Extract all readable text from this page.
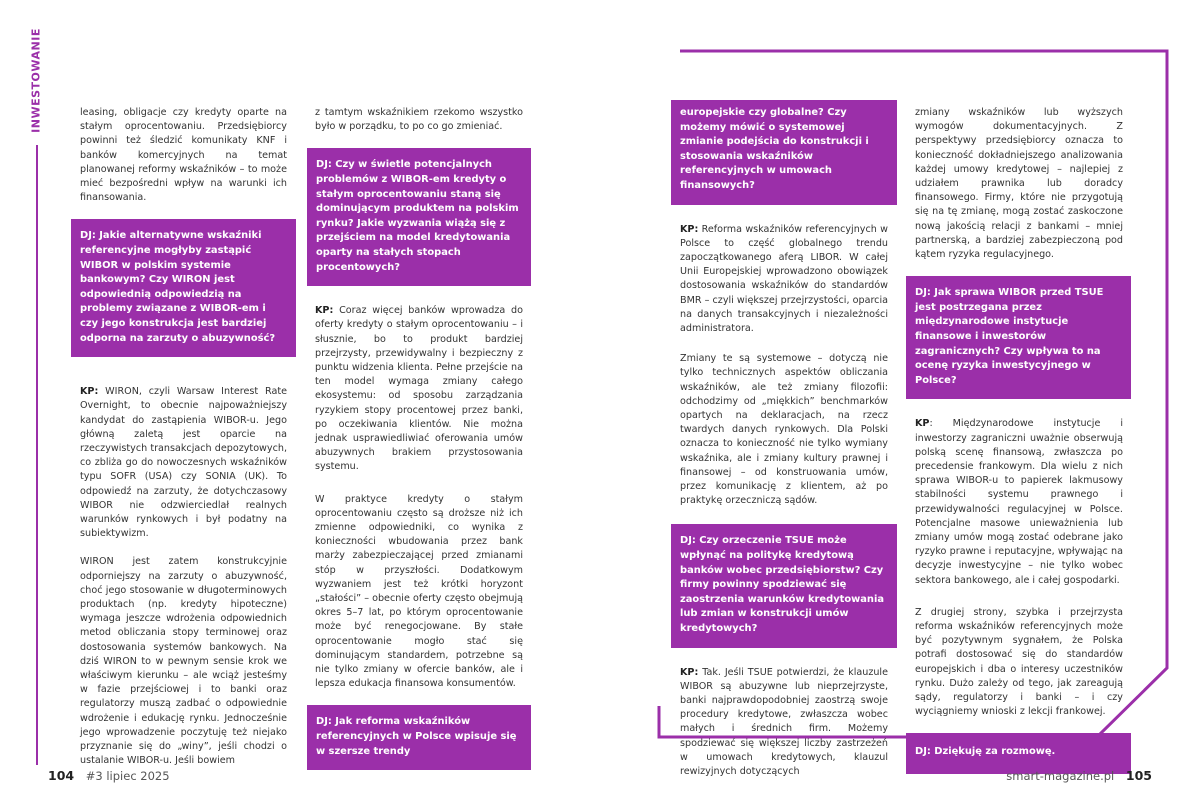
INWESTOWANIE	leasing, obligacje czy kredyty oparte na stałym oprocentowaniu. Przedsiębiorcy powinni też śledzić komunikaty KNF i banków komercyjnych na temat planowanej reformy wskaźników – to może mieć bezpośredni wpływ na warunki ich finansowania.

DJ: Jakie alternatywne wskaźniki referencyjne mogłyby zastąpić WIBOR w polskim systemie bankowym? Czy WIRON jest odpowiednią odpowiedzią na problemy związane z WIBOR-em i czy jego konstrukcja jest bardziej odporna na zarzuty o abuzywność?

KP: WIRON, czyli Warsaw Interest Rate Overnight, to obecnie najpoważniejszy kandydat do zastąpienia WIBOR-u. Jego główną zaletą jest oparcie na rzeczywistych transakcjach depozytowych, co zbliża go do nowoczesnych wskaźników typu SOFR (USA) czy SONIA (UK). To odpowiedź na zarzuty, że dotychczasowy WIBOR nie odzwierciedlał realnych warunków rynkowych i był podatny na subiektywizm.

WIRON jest zatem konstrukcyjnie odporniejszy na zarzuty o abuzywność, choć jego stosowanie w długoterminowych produktach (np. kredyty hipoteczne) wymaga jeszcze wdrożenia odpowiednich metod obliczania stopy terminowej oraz dostosowania systemów bankowych. Na dziś WIRON to w pewnym sensie krok we właściwym kierunku – ale wciąż jesteśmy w fazie przejściowej i to banki oraz regulatorzy muszą zadbać o odpowiednie wdrożenie i edukację rynku. Jednocześnie jego wprowadzenie poczytuję też niejako przyznanie się do „winy”, jeśli chodzi o ustalanie WIBOR-u. Jeśli bowiem

z tamtym wskaźnikiem rzekomo wszystko było w porządku, to po co go zmieniać.

DJ: Czy w świetle potencjalnych problemów z WIBOR-em kredyty o stałym oprocentowaniu staną się dominującym produktem na polskim rynku? Jakie wyzwania wiążą się z przejściem na model kredytowania oparty na stałych stopach procentowych?

KP: Coraz więcej banków wprowadza do oferty kredyty o stałym oprocentowaniu – i słusznie, bo to produkt bardziej przejrzysty, przewidywalny i bezpieczny z punktu widzenia klienta. Pełne przejście na ten model wymaga zmiany całego ekosystemu: od sposobu zarządzania ryzykiem stopy procentowej przez banki, po oczekiwania klientów. Nie można jednak usprawiedliwiać oferowania umów abuzywnych brakiem przystosowania systemu.

W praktyce kredyty o stałym oprocentowaniu często są droższe niż ich zmienne odpowiedniki, co wynika z konieczności wbudowania przez bank marży zabezpieczającej przed zmianami stóp w przyszłości. Dodatkowym wyzwaniem jest też krótki horyzont „stałości” – obecnie oferty często obejmują okres 5–7 lat, po którym oprocentowanie może być renegocjowane. By stałe oprocentowanie mogło stać się dominującym standardem, potrzebne są nie tylko zmiany w ofercie banków, ale i lepsza edukacja finansowa konsumentów.

DJ: Jak reforma wskaźników referencyjnych w Polsce wpisuje się w szersze trendy
europejskie czy globalne? Czy możemy mówić o systemowej zmianie podejścia do konstrukcji i stosowania wskaźników referencyjnych w umowach finansowych?

KP: Reforma wskaźników referencyjnych w Polsce to część globalnego trendu zapoczątkowanego aferą LIBOR. W całej Unii Europejskiej wprowadzono obowiązek dostosowania wskaźników do standardów BMR – czyli większej przejrzystości, oparcia na danych transakcyjnych i niezależności administratora.

Zmiany te są systemowe – dotyczą nie tylko technicznych aspektów obliczania wskaźników, ale też zmiany filozofii: odchodzimy od „miękkich” benchmarków opartych na deklaracjach, na rzecz twardych danych rynkowych. Dla Polski oznacza to konieczność nie tylko wymiany wskaźnika, ale i zmiany kultury prawnej i finansowej – od konstruowania umów, przez komunikację z klientem, aż po praktykę orzeczniczą sądów.

DJ: Czy orzeczenie TSUE może wpłynąć na politykę kredytową banków wobec przedsiębiorstw? Czy firmy powinny spodziewać się zaostrzenia warunków kredytowania lub zmian w konstrukcji umów kredytowych?

KP: Tak. Jeśli TSUE potwierdzi, że klauzule WIBOR są abuzywne lub nieprzejrzyste, banki najprawdopodobniej zaostrzą swoje procedury kredytowe, zwłaszcza wobec małych i średnich firm. Możemy spodziewać się większej liczby zastrzeżeń w umowach kredytowych, klauzul rewizyjnych dotyczących

zmiany wskaźników lub wyższych wymogów dokumentacyjnych. Z perspektywy przedsiębiorcy oznacza to konieczność dokładniejszego analizowania każdej umowy kredytowej – najlepiej z udziałem prawnika lub doradcy finansowego. Firmy, które nie przygotują się na tę zmianę, mogą zostać zaskoczone nową jakością relacji z bankami – mniej partnerską, a bardziej zabezpieczoną pod kątem ryzyka regulacyjnego.

DJ: Jak sprawa WIBOR przed TSUE jest postrzegana przez międzynarodowe instytucje finansowe i inwestorów zagranicznych? Czy wpływa to na ocenę ryzyka inwestycyjnego w Polsce?

KP: Międzynarodowe instytucje i inwestorzy zagraniczni uważnie obserwują polską scenę finansową, zwłaszcza po precedensie frankowym. Dla wielu z nich sprawa WIBOR-u to papierek lakmusowy stabilności systemu prawnego i przewidywalności regulacyjnej w Polsce. Potencjalne masowe unieważnienia lub zmiany umów mogą zostać odebrane jako ryzyko prawne i reputacyjne, wpływając na decyzje inwestycyjne – nie tylko wobec sektora bankowego, ale i całej gospodarki.

Z drugiej strony, szybka i przejrzysta reforma wskaźników referencyjnych może być pozytywnym sygnałem, że Polska potrafi dostosować się do standardów europejskich i dba o interesy uczestników rynku. Dużo zależy od tego, jak zareagują sądy, regulatorzy i banki – i czy wyciągniemy wnioski z lekcji frankowej.

DJ: Dziękuję za rozmowę.
104 #3 lipiec 2025	smart-magazine.pl 105
